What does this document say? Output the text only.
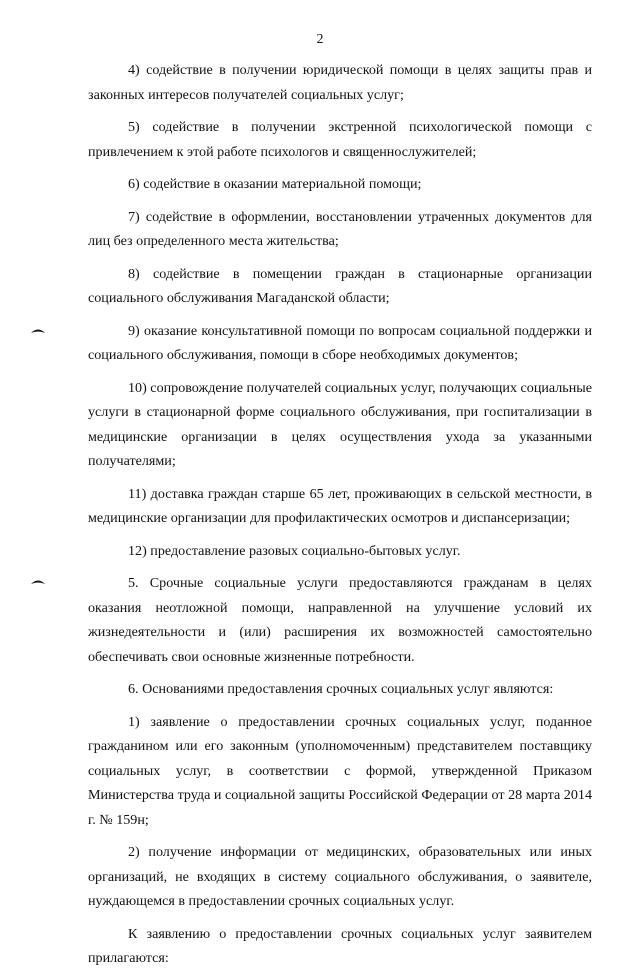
2

4) содействие в получении юридической помощи в целях защиты прав и законных интересов получателей социальных услуг;

5) содействие в получении экстренной психологической помощи с привлечением к этой работе психологов и священнослужителей;

6) содействие в оказании материальной помощи;

7) содействие в оформлении, восстановлении утраченных документов для лиц без определенного места жительства;

8) содействие в помещении граждан в стационарные организации социального обслуживания Магаданской области;

9) оказание консультативной помощи по вопросам социальной поддержки и социального обслуживания, помощи в сборе необходимых документов;

10) сопровождение получателей социальных услуг, получающих социальные услуги в стационарной форме социального обслуживания, при госпитализации в медицинские организации в целях осуществления ухода за указанными получателями;

11) доставка граждан старше 65 лет, проживающих в сельской местности, в медицинские организации для профилактических осмотров и диспансеризации;

12) предоставление разовых социально-бытовых услуг.

5. Срочные социальные услуги предоставляются гражданам в целях оказания неотложной помощи, направленной на улучшение условий их жизнедеятельности и (или) расширения их возможностей самостоятельно обеспечивать свои основные жизненные потребности.

6. Основаниями предоставления срочных социальных услуг являются:

1) заявление о предоставлении срочных социальных услуг, поданное гражданином или его законным (уполномоченным) представителем поставщику социальных услуг, в соответствии с формой, утвержденной Приказом Министерства труда и социальной защиты Российской Федерации от 28 марта 2014 г. № 159н;

2) получение информации от медицинских, образовательных или иных организаций, не входящих в систему социального обслуживания, о заявителе, нуждающемся в предоставлении срочных социальных услуг.

К заявлению о предоставлении срочных социальных услуг заявителем прилагаются:
